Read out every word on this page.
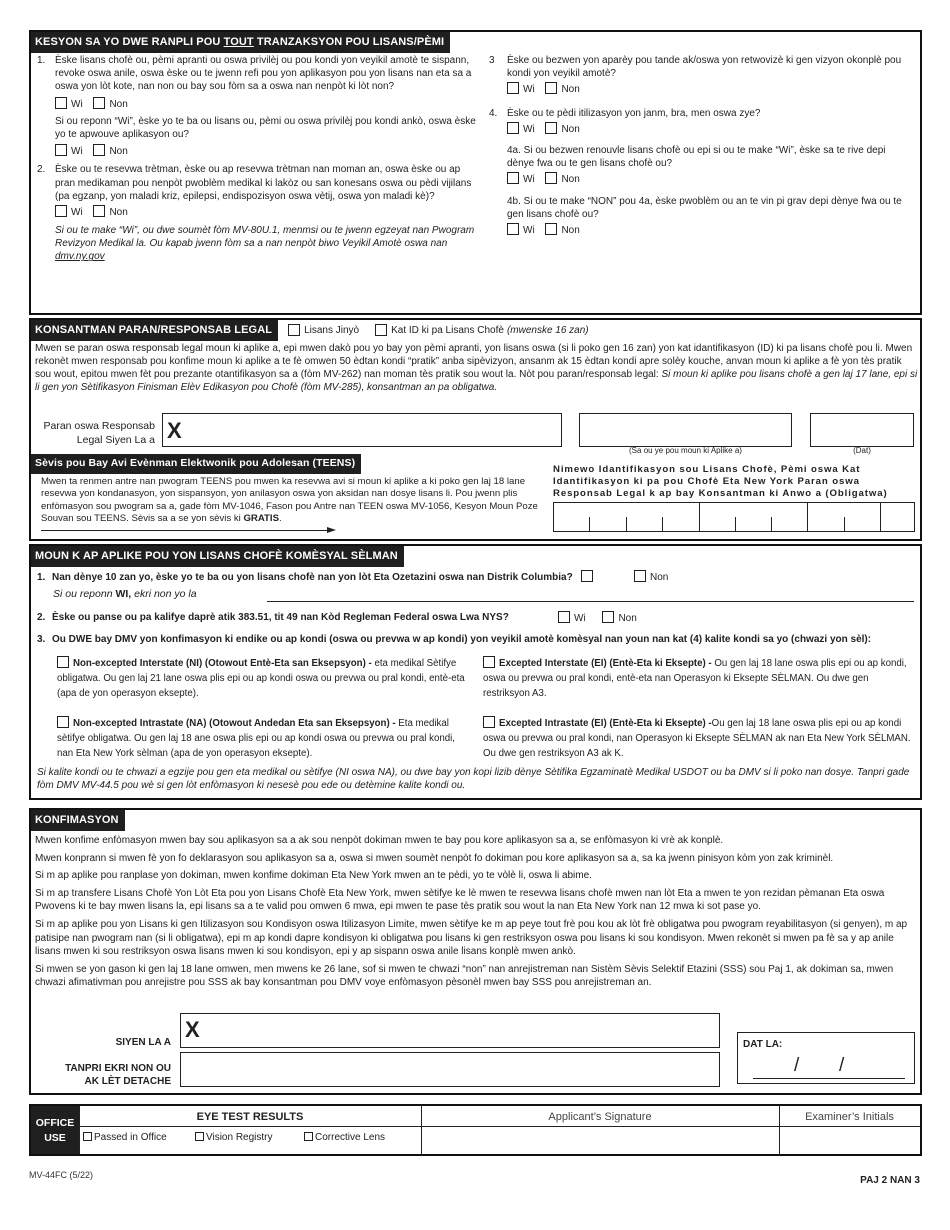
KESYON SA YO DWE RANPLI POU TOUT TRANZAKSYON POU LISANS/PÈMI
1. Èske lisans chofè ou, pèmi apranti ou oswa privilèj ou pou kondi yon veyikil amotè te sispann, revoke oswa anile, oswa èske ou te jwenn refi pou yon aplikasyon pou yon lisans nan eta sa a oswa yon lòt kote, nan non ou bay sou fòm sa a oswa nan nenpòt ki lòt non?
Wi	Non
Si ou reponn “Wi”, èske yo te ba ou lisans ou, pèmi ou oswa privilèj pou kondi ankò, oswa èske yo te apwouve aplikasyon ou?
Wi	Non
2. Èske ou te resevwa trètman, èske ou ap resevwa trètman nan moman an, oswa èske ou ap pran medikaman pou nenpòt pwoblèm medikal ki lakòz ou san konesans oswa ou pèdi vijilans (pa egzanp, yon maladi kriz, epilepsi, endispozisyon oswa vètij, oswa yon maladi kè)?
Wi	Non
Si ou te make “Wi”, ou dwe soumèt fòm MV-80U.1, menmsi ou te jwenn egzeyat nan Pwogram Revizyon Medikal la. Ou kapab jwenn fòm sa a nan nenpòt biwo Veyikil Amotè oswa nan dmv.ny.gov
3	Èske ou bezwen yon aparèy pou tande ak/oswa yon retwovizè ki gen vizyon okonplè pou kondi yon veyikil amotè?
Wi	Non
4. Èske ou te pèdi itilizasyon yon janm, bra, men oswa zye?
Wi	Non
4a. Si ou bezwen renouvle lisans chofè ou epi si ou te make “Wi”, èske sa te rive depi dènye fwa ou te gen lisans chofè ou?
Wi	Non
4b. Si ou te make “NON” pou 4a, èske pwoblèm ou an te vin pi grav depi dènye fwa ou te gen lisans chofè ou?
Wi	Non
KONSANTMAN PARAN/RESPONSAB LEGAL	Lisans Jinyò	Kat ID ki pa Lisans Chofè (mwenske 16 zan)
Mwen se paran oswa responsab legal moun ki aplike a, epi mwen dakò pou yo bay yon pèmi apranti, yon lisans oswa (si li poko gen 16 zan) yon kat idantifikasyon (ID) ki pa lisans chofè pou li. Mwen rekonèt mwen responsab pou konfime moun ki aplike a te fè omwen 50 èdtan kondi “pratik” anba sipèvizyon, ansanm ak 15 èdtan kondi apre solèy kouche, anvan moun ki aplike a fè yon tès pratik sou wout, epitou mwen fèt pou prezante otantifikasyon sa a (fòm MV-262) nan moman tès pratik sou wout la. Nòt pou paran/responsab legal: Si moun ki aplike pou lisans chofè a gen laj 17 lane, epi si li gen yon Sètifikasyon Finisman Elèv Edikasyon pou Chofè (fòm MV-285), konsantman an pa obligatwa.
Paran oswa Responsab Legal Siyen La a X
(Sa ou ye pou moun ki Aplike a)	(Dat)
Sèvis pou Bay Avi Evènman Elektwonik pou Adolesan (TEENS)
Mwen ta renmen antre nan pwogram TEENS pou mwen ka resevwa avi si moun ki aplike a ki poko gen laj 18 lane resevwa yon kondanasyon, yon sispansyon, yon anilasyon oswa yon aksidan nan dosye lisans li. Pou jwenn plis enfòmasyon sou pwogram sa a, gade fòm MV-1046, Fason pou Antre nan TEEN oswa MV-1056, Kesyon Moun Poze Souvan sou TEENS. Sèvis sa a se yon sèvis ki GRATIS.
Nimewo Idantifikasyon sou Lisans Chofè, Pèmi oswa Kat Idantifikasyon ki pa pou Chofè Eta New York Paran oswa Responsab Legal k ap bay Konsantman ki Anwo a (Obligatwa)
MOUN K AP APLIKE POU YON LISANS CHOFÈ KOMÈSYAL SÈLMAN
1. Nan dènye 10 zan yo, èske yo te ba ou yon lisans chofè nan yon lòt Eta Ozetazini oswa nan Distrik Columbia?	Non
Si ou reponn WI, ekri non yo la
2. Èske ou panse ou pa kalifye daprè atik 383.51, tit 49 nan Kòd Regleman Federal oswa Lwa NYS?	Wi	Non
3. Ou DWE bay DMV yon konfimasyon ki endike ou ap kondi (oswa ou prevwa w ap kondi) yon veyikil amotè komèsyal nan youn nan kat (4) kalite kondi sa yo (chwazi yon sèl):
Non-excepted Interstate (NI) (Otowout Entè-Eta san Eksepsyon) - eta medikal Sètifye obligatwa. Ou gen laj 21 lane oswa plis epi ou ap kondi oswa ou prevwa ou pral kondi, entè-eta (apa de yon operasyon eksepte).
Excepted Interstate (EI) (Entè-Eta ki Eksepte) - Ou gen laj 18 lane oswa plis epi ou ap kondi, oswa ou prevwa ou pral kondi, entè-eta nan Operasyon ki Eksepte SÈLMAN. Ou dwe gen restriksyon A3.
Non-excepted Intrastate (NA) (Otowout Andedan Eta san Eksepsyon) - Eta medikal sètifye obligatwa. Ou gen laj 18 ane oswa plis epi ou ap kondi oswa ou prevwa ou pral kondi, nan Eta New York sèlman (apa de yon operasyon eksepte).
Excepted Intrastate (EI) (Entè-Eta ki Eksepte) -Ou gen laj 18 lane oswa plis epi ou ap kondi oswa ou prevwa ou pral kondi, nan Operasyon ki Eksepte SÈLMAN ak nan Eta New York SÈLMAN. Ou dwe gen restriksyon A3 ak K.
Si kalite kondi ou te chwazi a egzije pou gen eta medikal ou sètifye (NI oswa NA), ou dwe bay yon kopi lizib dènye Sètifika Egzaminatè Medikal USDOT ou ba DMV si li poko nan dosye. Tanpri gade fòm DMV MV-44.5 pou wè si gen lòt enfòmasyon ki nesesè pou ede ou detèmine kalite kondi ou.
KONFIMASYON

Mwen konfime enfòmasyon mwen bay sou aplikasyon sa a ak sou nenpòt dokiman mwen te bay pou kore aplikasyon sa a, se enfòmasyon ki vrè ak konplè.

Mwen konprann si mwen fè yon fo deklarasyon sou aplikasyon sa a, oswa si mwen soumèt nenpòt fo dokiman pou kore aplikasyon sa a, sa ka jwenn pinisyon kòm yon zak kriminèl.

Si m ap aplike pou ranplase yon dokiman, mwen konfime dokiman Eta New York mwen an te pèdi, yo te vòlè li, oswa li abime.

Si m ap transfere Lisans Chofè Yon Lòt Eta pou yon Lisans Chofè Eta New York, mwen sètifye ke lè mwen te resevwa lisans chofè mwen nan lòt Eta a mwen te yon rezidan pèmanan Eta oswa Pwovens ki te bay mwen lisans la, epi lisans sa a te valid pou omwen 6 mwa, epi mwen te pase tès pratik sou wout la nan Eta New York nan 12 mwa ki sot pase yo.

Si m ap aplike pou yon Lisans ki gen Itilizasyon sou Kondisyon oswa Itilizasyon Limite, mwen sètifye ke m ap peye tout frè pou kou ak lòt frè obligatwa pou pwogram reyabilitasyon (si genyen), m ap patisipe nan pwogram nan (si li obligatwa), epi m ap kondi dapre kondisyon ki obligatwa pou lisans ki gen restriksyon oswa pou lisans ki sou kondisyon. Mwen rekonèt si mwen pa fè sa y ap anile lisans mwen ki sou restriksyon oswa lisans mwen ki sou kondisyon, epi y ap sispann oswa anile lisans konplè mwen ankò.

Si mwen se yon gason ki gen laj 18 lane omwen, men mwens ke 26 lane, sof si mwen te chwazi “non” nan anrejistreman nan Sistèm Sèvis Selektif Etazini (SSS) sou Paj 1, ak dokiman sa, mwen chwazi afimativman pou anrejistre pou SSS ak bay konsantman pou DMV voye enfòmasyon pèsonèl mwen bay SSS pou anrejistreman an.

SIYEN LA A
X
TANPRI EKRI NON OU AK LÈT DETACHE
DAT LA:
/ /
OFFICE USE
EYE TEST RESULTS	Applicant’s Signature	Examiner’s Initials
Passed in Office	Vision Registry	Corrective Lens
MV-44FC (5/22)	PAJ 2 NAN 3
